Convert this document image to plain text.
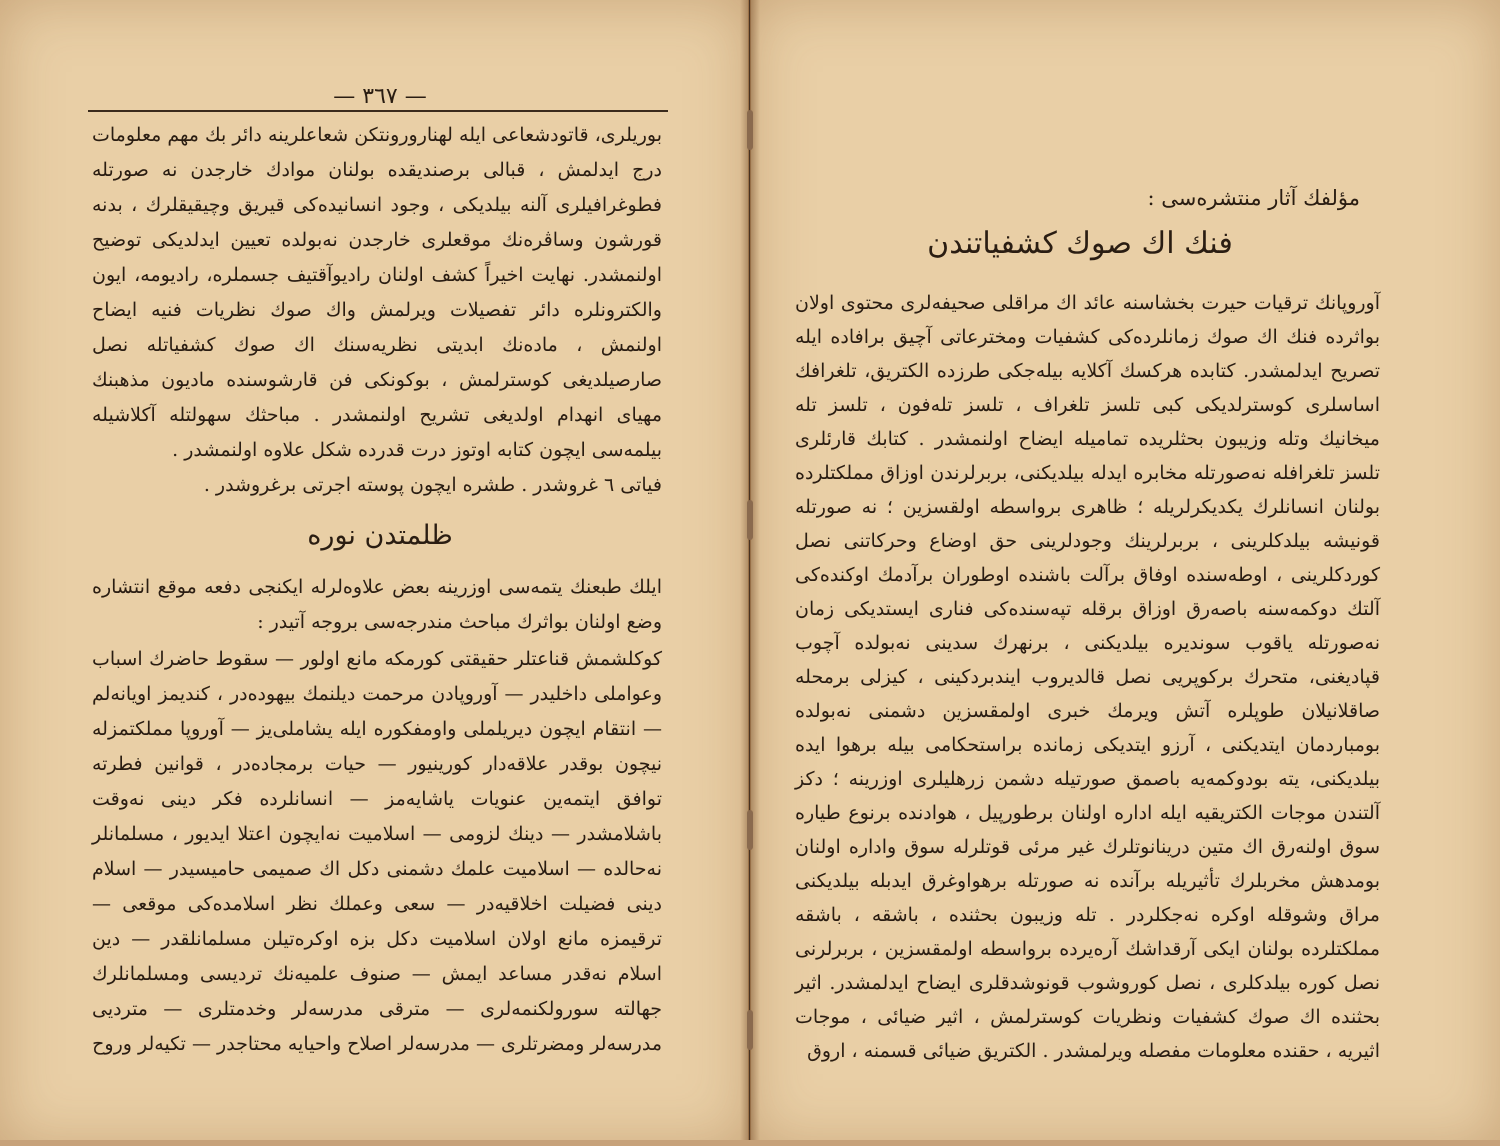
— ٣٦٧ —

بوريلرى، قاتودشعاعى ايله لهنارورونتكن شعاعلرينه دائر بك مهم معلومات درج ايدلمش ، قبالى برصنديقده بولنان موادك خارجدن نه صورتله فطوغرافيلرى آلنه بيلديكى ، وجود انسانيده‌كى قيريق وچيقيقلرك ، بدنه قورشون وساڨره‌نك موقعلرى خارجدن نه‌بولده تعيين ايدلديكى توضيح اولنمشدر. نهايت اخيراً كشف اولنان راديوآقتيف جسملره، راديومه، ايون والكترونلره دائر تفصيلات ويرلمش واك صوك نظريات فنيه ايضاح اولنمش ، ماده‌نك ابديتى نظريه‌سنك اك صوك كشفياتله نصل صارصيلديغى كوسترلمش ، بوكونكى فن قارشوسنده ماديون مذهبنك مهياى انهدام اولديغى تشريح اولنمشدر . مباحثك سهولتله آكلاشيله بيلمه‌سى ايچون كتابه اوتوز درت قدرده شكل علاوه اولنمشدر .

فياتى ٦ غروشدر . طشره ايچون پوسته اجرتى برغروشدر .

ظلمتدن نوره

ايلك طبعنك يتمه‌سى اوزرينه بعض علاوه‌لرله ايكنجى دفعه موقع انتشاره وضع اولنان بواثرك مباحث مندرجه‌سى بروجه آتيدر :

كوكلشمش قناعتلر حقيقتى كورمكه مانع اولور — سقوط حاضرك اسباب وعواملى داخليدر — آوروپادن مرحمت ديلنمك بيهوده‌در ، كنديمز اويانه‌لم — انتقام ايچون ديريلملى واومفكوره ايله يشاملى‌يز — آوروپا مملكتمزله نيچون بوقدر علاقه‌دار كورينيور — حيات برمجاده‌در ، قوانين فطرته توافق ايتمه‌ين عنويات ياشايه‌مز — انسانلرده فكر دينى نه‌وقت باشلامشدر — دينك لزومى — اسلاميت نه‌ايچون اعتلا ايديور ، مسلمانلر نه‌حالده — اسلاميت علمك دشمنى دكل اك صميمى حاميسيدر — اسلام دينى فضيلت اخلاقيه‌در — سعى وعملك نظر اسلامده‌كى موقعى — ترقيمزه مانع اولان اسلاميت دكل بزه اوكره‌تيلن مسلمانلقدر — دين اسلام نه‌قدر مساعد ايمش — صنوف علميه‌نك ترديسى ومسلمانلرك جهالته سورولكنمه‌لرى — مترقى مدرسه‌لر وخدمتلرى — مترديى مدرسه‌لر ومضرتلرى — مدرسه‌لر اصلاح واحيايه محتاجدر — تكيه‌لر وروح

مؤلفك آثار منتشره‌سى :
فنك اك صوك كشفياتندن

آوروپانك ترقيات حيرت بخشاسنه عائد اك مراقلى صحيفه‌لرى محتوى اولان بواثرده فنك اك صوك زمانلرده‌كى كشفيات ومخترعاتى آچيق برافاده ايله تصريح ايدلمشدر. كتابده هركسك آكلايه بيله‌جكى طرزده الكتريق، تلغرافك اساسلرى كوسترلديكى كبى تلسز تلغراف ، تلسز تله‌فون ، تلسز تله ميخانيك وتله وزيبون بحثلريده تماميله ايضاح اولنمشدر . كتابك قارئلرى تلسز تلغرافله نه‌صورتله مخابره ايدله بيلديكنى، بربرلرندن اوزاق مملكتلرده بولنان انسانلرك يكديكرلريله ؛ ظاهرى برواسطه اولقسزين ؛ نه صورتله قونيشه بيلدكلرينى ، بربرلرينك وجودلرينى حق اوضاع وحركاتنى نصل كوردكلرينى ، اوطه‌سنده اوفاق برآلت باشنده اوطوران برآدمك اوكنده‌كى آلتك دوكمه‌سنه باصه‌رق اوزاق برقله تپه‌سنده‌كى فنارى ايستديكى زمان نه‌صورتله ياقوب سونديره بيلديكنى ، برنهرك سدينى نه‌بولده آچوب قپاديغنى، متحرك بركوپريى نصل قالديروب ايندبردكينى ، كيزلى برمحله صاقلانيلان طوپلره آتش ويرمك خبرى اولمقسزين دشمنى نه‌بولده بومباردمان ايتديكنى ، آرزو ايتديكى زمانده براستحكامى بيله برهوا ايده بيلديكنى، يته بودوكمه‌يه باصمق صورتيله دشمن زرهليلرى اوزرينه ؛ دكز آلتندن موجات الكتريقيه ايله اداره اولنان برطورپيل ، هوادنده برنوع طياره سوق اولنه‌رق اك متين درينانوتلرك غير مرئى قوتلرله سوق واداره اولنان بومدهش مخربلرك تأثيريله برآنده نه صورتله برهواوغرق ايدبله بيلديكنى مراق وشوقله اوكره نه‌جكلردر . تله وزيبون بحثنده ، باشقه ، باشقه مملكتلرده بولنان ايكى آرقداشك آره‌يرده برواسطه اولمقسزين ، بربرلرنى نصل كوره بيلدكلرى ، نصل كوروشوب قونوشدقلرى ايضاح ايدلمشدر. اثير بحثنده اك صوك كشفيات ونظريات كوسترلمش ، اثير ضيائى ، موجات اثيريه ، حقنده معلومات مفصله ويرلمشدر . الكتريق ضيائى قسمنه ، اروق
